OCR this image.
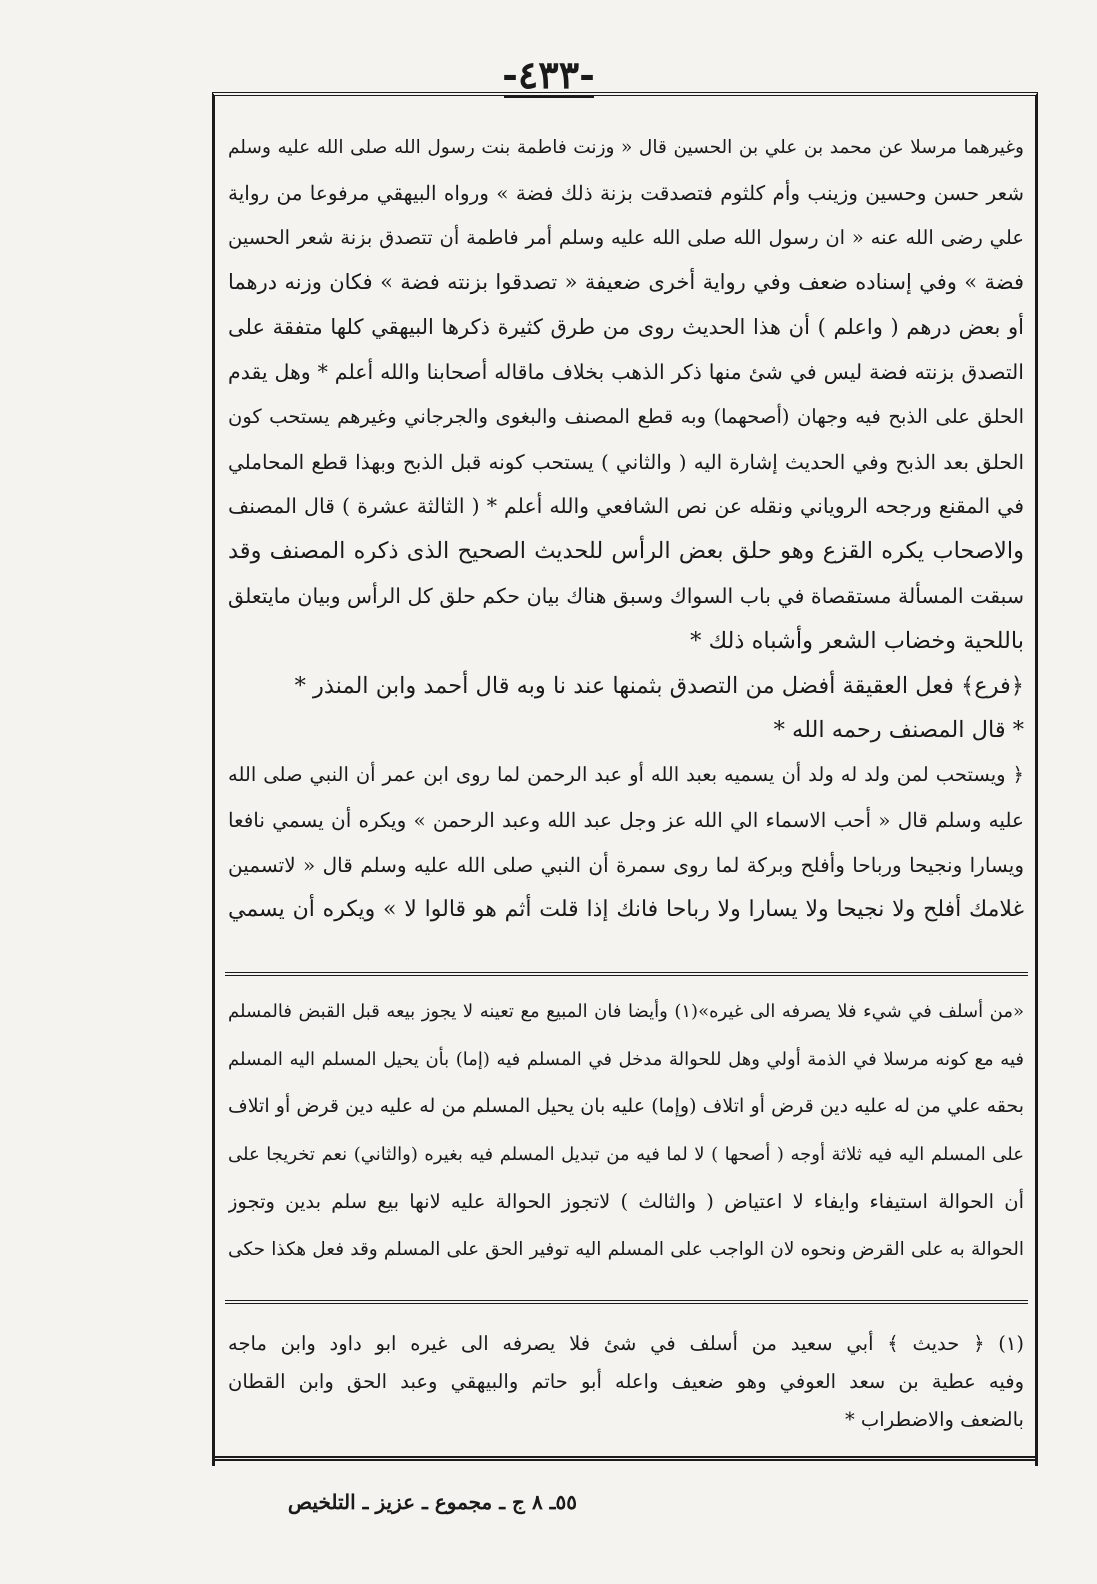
-٤٣٣-
وغيرهما مرسلا عن محمد بن علي بن الحسين قال « وزنت فاطمة بنت رسول الله صلى الله عليه وسلم
شعر حسن وحسين وزينب وأم كلثوم فتصدقت بزنة ذلك فضة » ورواه البيهقي مرفوعا من رواية
علي رضى الله عنه « ان رسول الله صلى الله عليه وسلم أمر فاطمة أن تتصدق بزنة شعر الحسين
فضة » وفي إسناده ضعف وفي رواية أخرى ضعيفة « تصدقوا بزنته فضة » فكان وزنه درهما
أو بعض درهم ( واعلم ) أن هذا الحديث روى من طرق كثيرة ذكرها البيهقي كلها متفقة على
التصدق بزنته فضة ليس في شئ منها ذكر الذهب بخلاف ماقاله أصحابنا والله أعلم * وهل يقدم
الحلق على الذبح فيه وجهان (أصحهما) وبه قطع المصنف والبغوى والجرجاني وغيرهم يستحب كون
الحلق بعد الذبح وفي الحديث إشارة اليه ( والثاني ) يستحب كونه قبل الذبح وبهذا قطع المحاملي
في المقنع ورجحه الروياني ونقله عن نص الشافعي والله أعلم * ( الثالثة عشرة ) قال المصنف
والاصحاب يكره القزع وهو حلق بعض الرأس للحديث الصحيح الذى ذكره المصنف وقد
سبقت المسألة مستقصاة في باب السواك وسبق هناك بيان حكم حلق كل الرأس وبيان مايتعلق
باللحية وخضاب الشعر وأشباه ذلك *
﴿فرع﴾ فعل العقيقة أفضل من التصدق بثمنها عند نا وبه قال أحمد وابن المنذر *
* قال المصنف رحمه الله *
﴿ ويستحب لمن ولد له ولد أن يسميه بعبد الله أو عبد الرحمن لما روى ابن عمر أن النبي صلى الله
عليه وسلم قال « أحب الاسماء الي الله عز وجل عبد الله وعبد الرحمن » ويكره أن يسمي نافعا
ويسارا ونجيحا ورباحا وأفلح وبركة لما روى سمرة أن النبي صلى الله عليه وسلم قال « لاتسمين
غلامك أفلح ولا نجيحا ولا يسارا ولا رباحا فانك إذا قلت أثم هو قالوا لا » ويكره أن يسمي
«من أسلف في شيء فلا يصرفه الى غيره»(١) وأيضا فان المبيع مع تعينه لا يجوز بيعه قبل القبض فالمسلم
فيه مع كونه مرسلا في الذمة أولي وهل للحوالة مدخل في المسلم فيه (إما) بأن يحيل المسلم اليه المسلم
بحقه علي من له عليه دين قرض أو اتلاف (وإما) عليه بان يحيل المسلم من له عليه دين قرض أو اتلاف
على المسلم اليه فيه ثلاثة أوجه ( أصحها ) لا لما فيه من تبديل المسلم فيه بغيره (والثاني) نعم تخريجا على
أن الحوالة استيفاء وايفاء لا اعتياض ( والثالث ) لاتجوز الحوالة عليه لانها بيع سلم بدين وتجوز
الحوالة به على القرض ونحوه لان الواجب على المسلم اليه توفير الحق على المسلم وقد فعل هكذا حكى
(١) ﴿ حديث ﴾ أبي سعيد من أسلف في شئ فلا يصرفه الى غيره ابو داود وابن ماجه
وفيه عطية بن سعد العوفي وهو ضعيف واعله أبو حاتم والبيهقي وعبد الحق وابن القطان
بالضعف والاضطراب *
٥٥ـ ٨ ج ـ مجموع ـ عزيز ـ التلخيص
